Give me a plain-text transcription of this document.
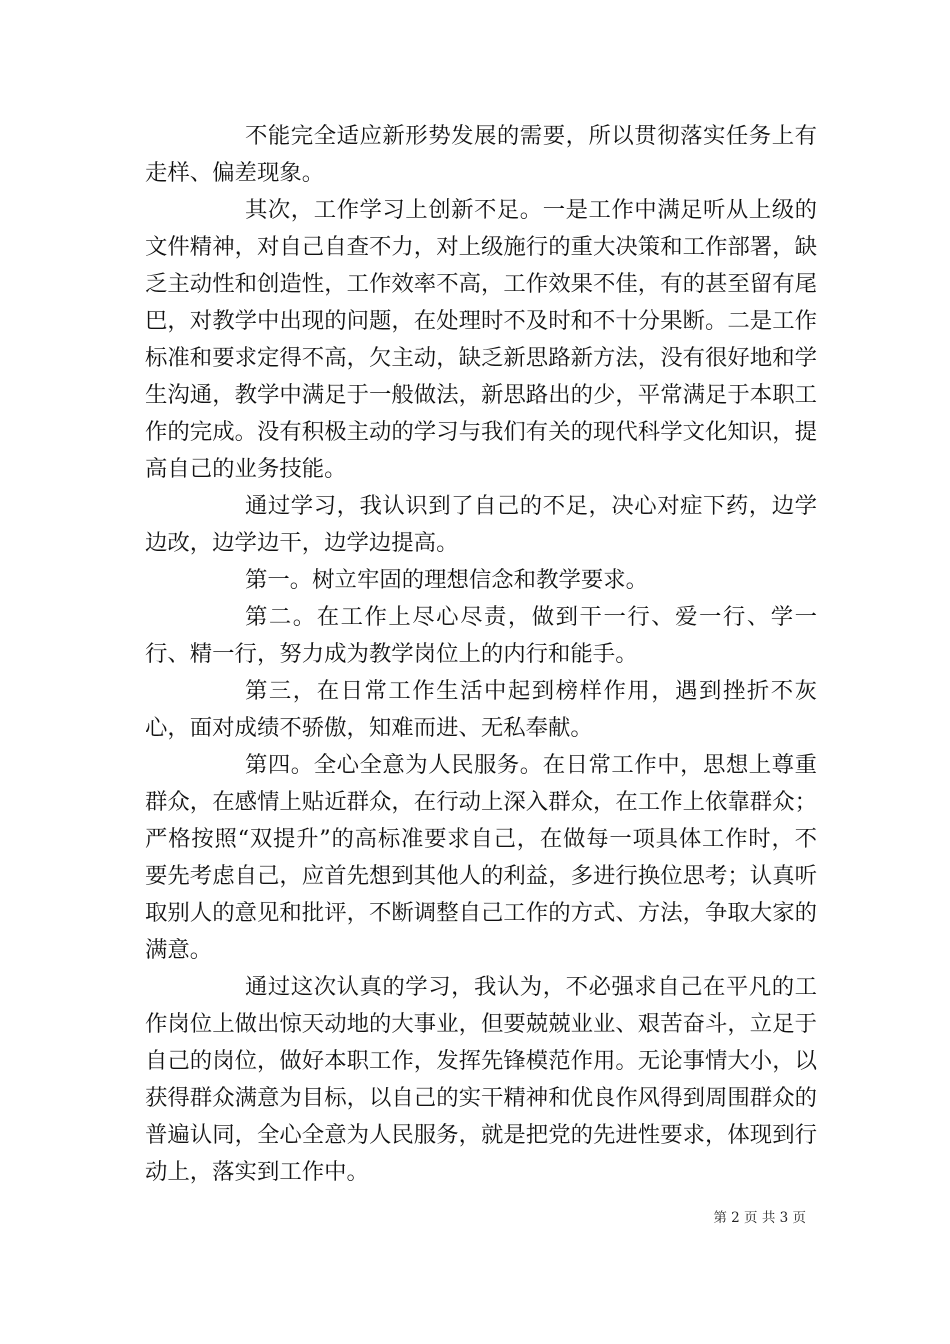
不能完全适应新形势发展的需要，所以贯彻落实任务上有走样、偏差现象。

其次，工作学习上创新不足。一是工作中满足听从上级的文件精神，对自己自查不力，对上级施行的重大决策和工作部署，缺乏主动性和创造性，工作效率不高，工作效果不佳，有的甚至留有尾巴，对教学中出现的问题，在处理时不及时和不十分果断。二是工作标准和要求定得不高，欠主动，缺乏新思路新方法，没有很好地和学生沟通，教学中满足于一般做法，新思路出的少，平常满足于本职工作的完成。没有积极主动的学习与我们有关的现代科学文化知识，提高自己的业务技能。

通过学习，我认识到了自己的不足，决心对症下药，边学边改，边学边干，边学边提高。

第一。树立牢固的理想信念和教学要求。

第二。在工作上尽心尽责，做到干一行、爱一行、学一行、精一行，努力成为教学岗位上的内行和能手。

第三，在日常工作生活中起到榜样作用，遇到挫折不灰心，面对成绩不骄傲，知难而进、无私奉献。

第四。全心全意为人民服务。在日常工作中，思想上尊重群众，在感情上贴近群众，在行动上深入群众，在工作上依靠群众；严格按照“双提升”的高标准要求自己，在做每一项具体工作时，不要先考虑自己，应首先想到其他人的利益，多进行换位思考；认真听取别人的意见和批评，不断调整自己工作的方式、方法，争取大家的满意。

通过这次认真的学习，我认为，不必强求自己在平凡的工作岗位上做出惊天动地的大事业，但要兢兢业业、艰苦奋斗，立足于自己的岗位，做好本职工作，发挥先锋模范作用。无论事情大小，以获得群众满意为目标，以自己的实干精神和优良作风得到周围群众的普遍认同，全心全意为人民服务，就是把党的先进性要求，体现到行动上，落实到工作中。

第 2 页 共 3 页
